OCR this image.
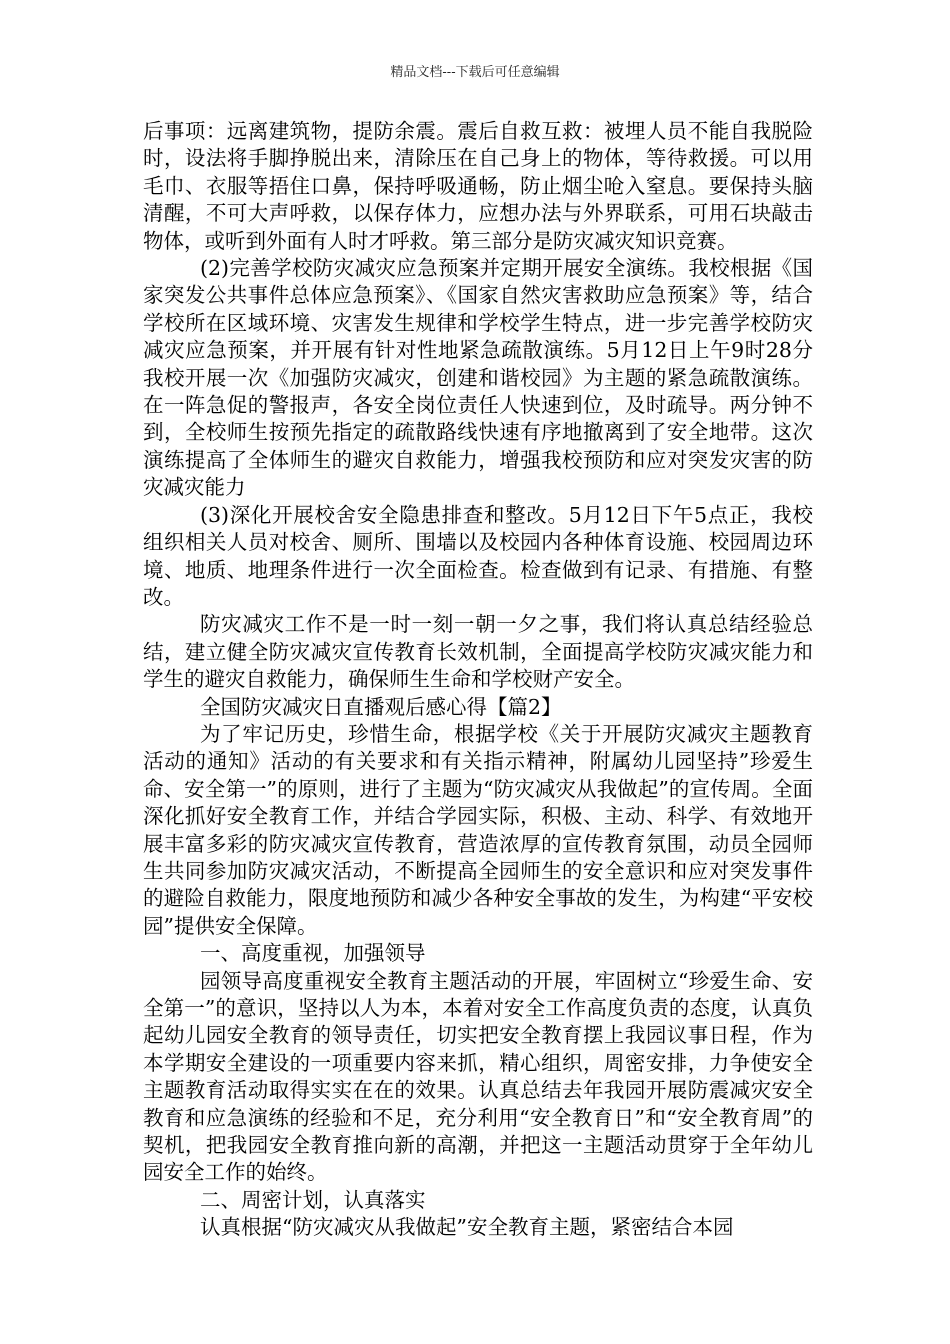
精品文档---下载后可任意编辑

后事项：远离建筑物，提防余震。震后自救互救：被埋人员不能自我脱险时，设法将手脚挣脱出来，清除压在自己身上的物体，等待救援。可以用毛巾、衣服等捂住口鼻，保持呼吸通畅，防止烟尘呛入窒息。要保持头脑清醒，不可大声呼救，以保存体力，应想办法与外界联系，可用石块敲击物体，或听到外面有人时才呼救。第三部分是防灾减灾知识竞赛。

(2)完善学校防灾减灾应急预案并定期开展安全演练。我校根据《国家突发公共事件总体应急预案》、《国家自然灾害救助应急预案》等，结合学校所在区域环境、灾害发生规律和学校学生特点，进一步完善学校防灾减灾应急预案，并开展有针对性地紧急疏散演练。5月12日上午9时28分我校开展一次《加强防灾减灾，创建和谐校园》为主题的紧急疏散演练。在一阵急促的警报声，各安全岗位责任人快速到位，及时疏导。两分钟不到，全校师生按预先指定的疏散路线快速有序地撤离到了安全地带。这次演练提高了全体师生的避灾自救能力，增强我校预防和应对突发灾害的防灾减灾能力

(3)深化开展校舍安全隐患排查和整改。5月12日下午5点正，我校组织相关人员对校舍、厕所、围墙以及校园内各种体育设施、校园周边环境、地质、地理条件进行一次全面检查。检查做到有记录、有措施、有整改。

防灾减灾工作不是一时一刻一朝一夕之事，我们将认真总结经验总结，建立健全防灾减灾宣传教育长效机制，全面提高学校防灾减灾能力和学生的避灾自救能力，确保师生生命和学校财产安全。

全国防灾减灾日直播观后感心得【篇2】

为了牢记历史，珍惜生命，根据学校《关于开展防灾减灾主题教育活动的通知》活动的有关要求和有关指示精神，附属幼儿园坚持”珍爱生命、安全第一”的原则，进行了主题为“防灾减灾从我做起”的宣传周。全面深化抓好安全教育工作，并结合学园实际，积极、主动、科学、有效地开展丰富多彩的防灾减灾宣传教育，营造浓厚的宣传教育氛围，动员全园师生共同参加防灾减灾活动，不断提高全园师生的安全意识和应对突发事件的避险自救能力，限度地预防和减少各种安全事故的发生，为构建“平安校园”提供安全保障。

一、高度重视，加强领导

园领导高度重视安全教育主题活动的开展，牢固树立“珍爱生命、安全第一”的意识，坚持以人为本，本着对安全工作高度负责的态度，认真负起幼儿园安全教育的领导责任，切实把安全教育摆上我园议事日程，作为本学期安全建设的一项重要内容来抓，精心组织，周密安排，力争使安全主题教育活动取得实实在在的效果。认真总结去年我园开展防震减灾安全教育和应急演练的经验和不足，充分利用“安全教育日”和“安全教育周”的契机，把我园安全教育推向新的高潮，并把这一主题活动贯穿于全年幼儿园安全工作的始终。

二、周密计划，认真落实

认真根据“防灾减灾从我做起”安全教育主题，紧密结合本园
